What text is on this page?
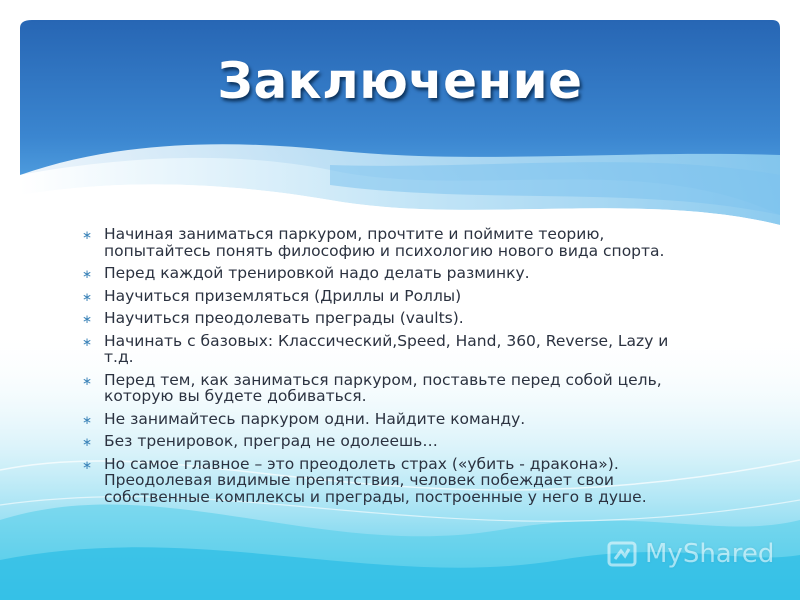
Заключение
∗ Начиная заниматься паркуром, прочтите и поймите теорию, попытайтесь понять философию и психологию нового вида спорта.
∗ Перед каждой тренировкой надо делать разминку.
∗ Научиться приземляться (Дриллы и Роллы)
∗ Научиться преодолевать преграды (vaults).
∗ Начинать с базовых: Классический,Speed, Hand, 360, Reverse, Lazy и т.д.
∗ Перед тем, как заниматься паркуром, поставьте перед собой цель, которую вы будете добиваться.
∗ Не занимайтесь паркуром одни. Найдите команду.
∗ Без тренировок, преград не одолеешь…
∗ Но самое главное – это преодолеть страх («убить - дракона»). Преодолевая видимые препятствия, человек побеждает свои собственные комплексы и преграды, построенные у него в душе.
MyShared
